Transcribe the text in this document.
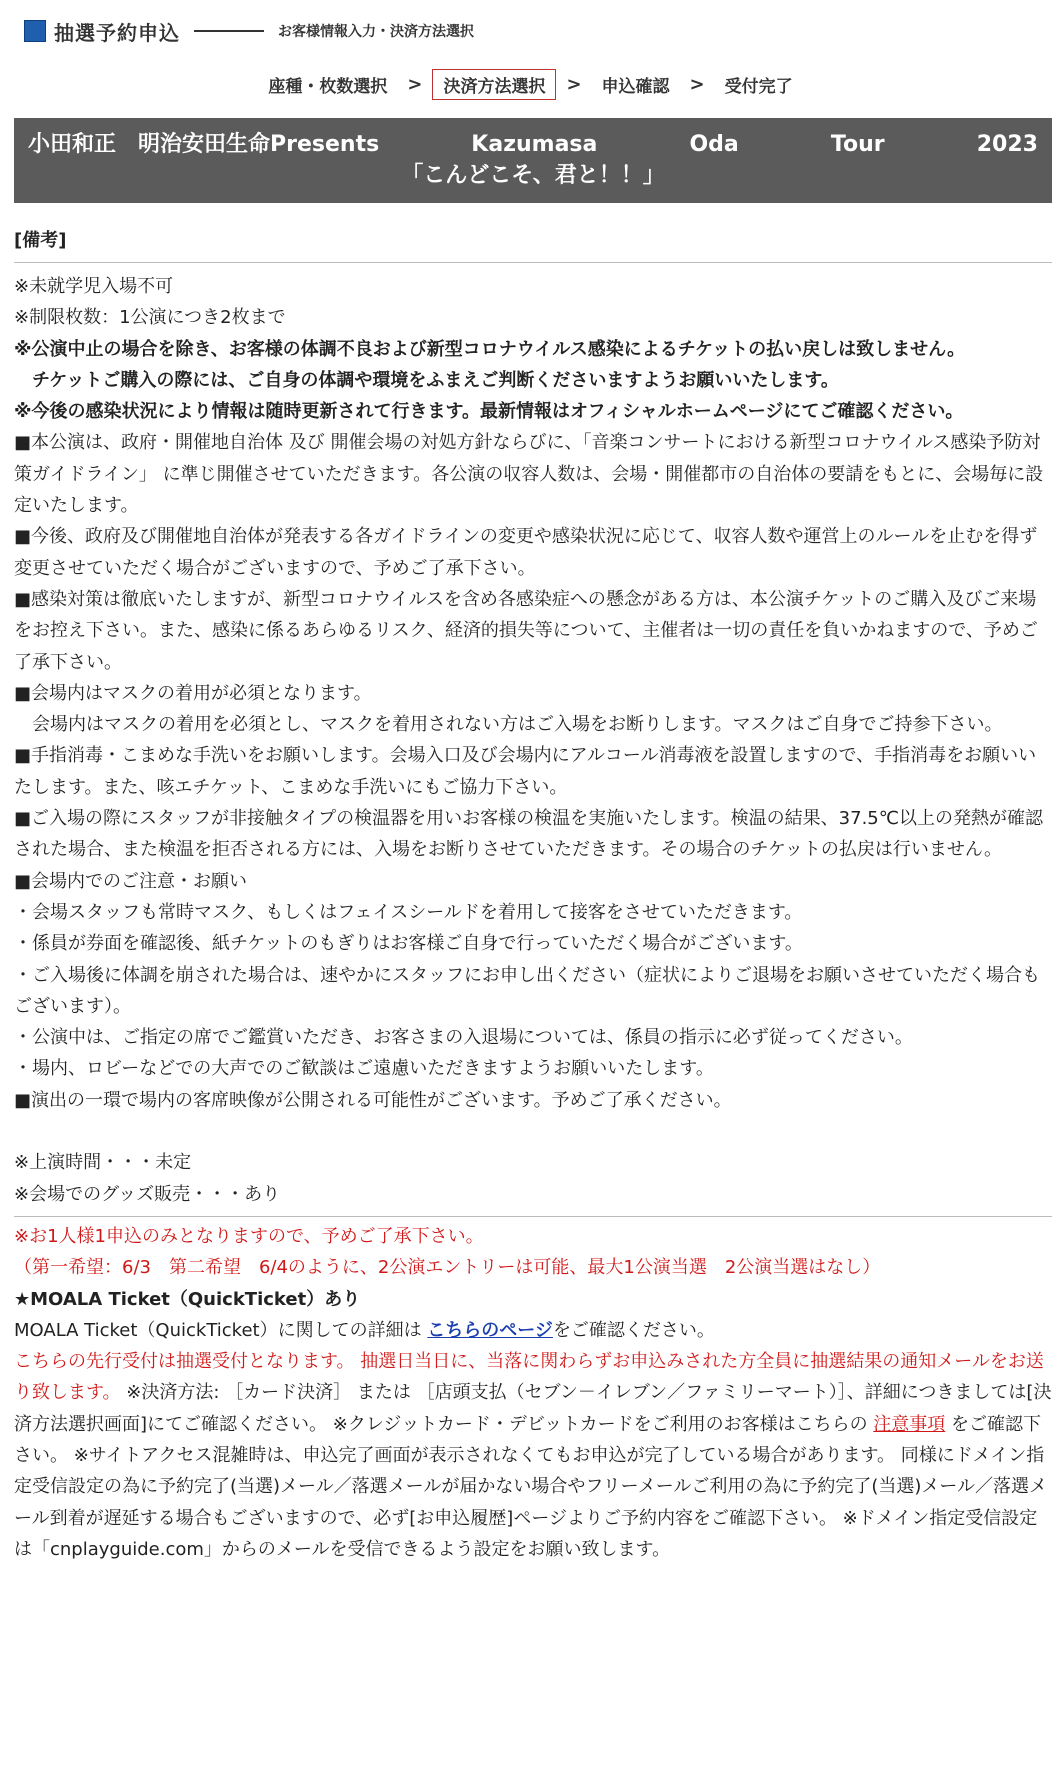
抽選予約申込	お客様情報入力・決済方法選択
座種・枚数選択	>	決済方法選択	>	申込確認	>	受付完了
小田和正　明治安田生命Presents	Kazumasa	Oda	Tour	2023
「こんどこそ、君と！！」
[備考]
※未就学児入場不可
※制限枚数：1公演につき2枚まで
※公演中止の場合を除き、お客様の体調不良および新型コロナウイルス感染によるチケットの払い戻しは致しません。
　チケットご購入の際には、ご自身の体調や環境をふまえご判断くださいますようお願いいたします。
※今後の感染状況により情報は随時更新されて行きます。最新情報はオフィシャルホームページにてご確認ください。
■本公演は、政府・開催地自治体 及び 開催会場の対処方針ならびに、「音楽コンサートにおける新型コロナウイルス感染予防対策ガイドライン」 に準じ開催させていただきます。各公演の収容人数は、会場・開催都市の自治体の要請をもとに、会場毎に設定いたします。
■今後、政府及び開催地自治体が発表する各ガイドラインの変更や感染状況に応じて、収容人数や運営上のルールを止むを得ず変更させていただく場合がございますので、予めご了承下さい。
■感染対策は徹底いたしますが、新型コロナウイルスを含め各感染症への懸念がある方は、本公演チケットのご購入及びご来場をお控え下さい。また、感染に係るあらゆるリスク、経済的損失等について、主催者は一切の責任を負いかねますので、予めご了承下さい。
■会場内はマスクの着用が必須となります。
　会場内はマスクの着用を必須とし、マスクを着用されない方はご入場をお断りします。マスクはご自身でご持参下さい。
■手指消毒・こまめな手洗いをお願いします。会場入口及び会場内にアルコール消毒液を設置しますので、手指消毒をお願いいたします。また、咳エチケット、こまめな手洗いにもご協力下さい。
■ご入場の際にスタッフが非接触タイプの検温器を用いお客様の検温を実施いたします。検温の結果、37.5℃以上の発熱が確認された場合、また検温を拒否される方には、入場をお断りさせていただきます。その場合のチケットの払戻は行いません。
■会場内でのご注意・お願い
・会場スタッフも常時マスク、もしくはフェイスシールドを着用して接客をさせていただきます。
・係員が券面を確認後、紙チケットのもぎりはお客様ご自身で行っていただく場合がございます。
・ご入場後に体調を崩された場合は、速やかにスタッフにお申し出ください（症状によりご退場をお願いさせていただく場合もございます）。
・公演中は、ご指定の席でご鑑賞いただき、お客さまの入退場については、係員の指示に必ず従ってください。
・場内、ロビーなどでの大声でのご歓談はご遠慮いただきますようお願いいたします。
■演出の一環で場内の客席映像が公開される可能性がございます。予めご了承ください。
※上演時間・・・未定
※会場でのグッズ販売・・・あり
※お1人様1申込のみとなりますので、予めご了承下さい。
（第一希望：6/3　第二希望　6/4のように、2公演エントリーは可能、最大1公演当選　2公演当選はなし）
★MOALA Ticket（QuickTicket）あり
MOALA Ticket（QuickTicket）に関しての詳細は こちらのページをご確認ください。
こちらの先行受付は抽選受付となります。 抽選日当日に、当落に関わらずお申込みされた方全員に抽選結果の通知メールをお送り致します。 ※決済方法: ［カード決済］ または ［店頭支払（セブン－イレブン／ファミリーマート）］、詳細につきましては[決済方法選択画面]にてご確認ください。 ※クレジットカード・デビットカードをご利用のお客様はこちらの 注意事項 をご確認下さい。 ※サイトアクセス混雑時は、申込完了画面が表示されなくてもお申込が完了している場合があります。 同様にドメイン指定受信設定の為に予約完了(当選)メール／落選メールが届かない場合やフリーメールご利用の為に予約完了(当選)メール／落選メール到着が遅延する場合もございますので、必ず[お申込履歴]ページよりご予約内容をご確認下さい。 ※ドメイン指定受信設定は「cnplayguide.com」からのメールを受信できるよう設定をお願い致します。
